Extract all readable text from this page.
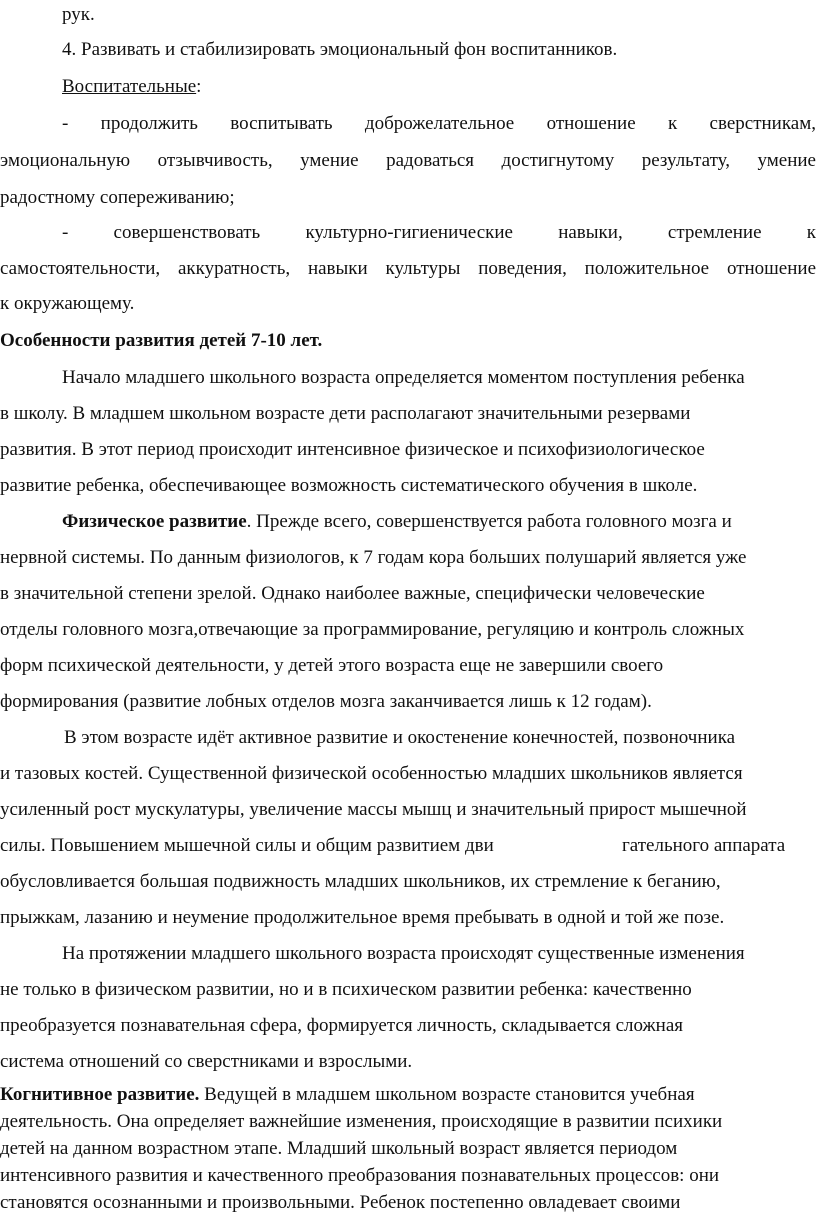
рук.
4. Развивать и стабилизировать эмоциональный фон воспитанников.
Воспитательные:
- продолжить воспитывать доброжелательное отношение к сверстникам,
эмоциональную отзывчивость, умение радоваться достигнутому результату, умение
радостному сопереживанию;
- совершенствовать культурно-гигиенические навыки, стремление к
самостоятельности, аккуратность, навыки культуры поведения, положительное отношение
к окружающему.
Особенности развития детей 7-10 лет.
Начало младшего школьного возраста определяется моментом поступления ребенка
в школу. В младшем школьном возрасте дети располагают значительными резервами
развития. В этот период происходит интенсивное физическое и психофизиологическое
развитие ребенка, обеспечивающее возможность систематического обучения в школе.
Физическое развитие. Прежде всего, совершенствуется работа головного мозга и
нервной системы. По данным физиологов, к 7 годам кора больших полушарий является уже
в значительной степени зрелой. Однако наиболее важные, специфически человеческие
отделы головного мозга,отвечающие за программирование, регуляцию и контроль сложных
форм психической деятельности, у детей этого возраста еще не завершили своего
формирования (развитие лобных отделов мозга заканчивается лишь к 12 годам).
В этом возрасте идёт активное развитие и окостенение конечностей, позвоночника
и тазовых костей. Существенной физической особенностью младших школьников является
усиленный рост мускулатуры, увеличение массы мышц и значительный прирост мышечной
силы. Повышением мышечной силы и общим развитием дви	гательного аппарата
обусловливается большая подвижность младших школьников, их стремление к бeганию,
прыжкам, лазанию и неумение продолжительное время пребывать в одной и той же позе.
На протяжении младшего школьного возраста происходят существенные изменения
не только в физическом развитии, но и в психическом развитии ребенка: качественно
преобразуется познавательная сфера, формируется личность, складывается сложная
система отношений со сверстниками и взрослыми.
Когнитивное развитие. Ведущей в младшем школьном возрасте становится учебная
деятельность. Она определяет важнейшие изменения, происходящие в развитии психики
детей на данном возрастном этапе. Младший школьный возраст является периодом
интенсивного развития и качественного преобразования познавательных процессов: они
становятся осознанными и произвольными. Ребенок постепенно овладевает своими
